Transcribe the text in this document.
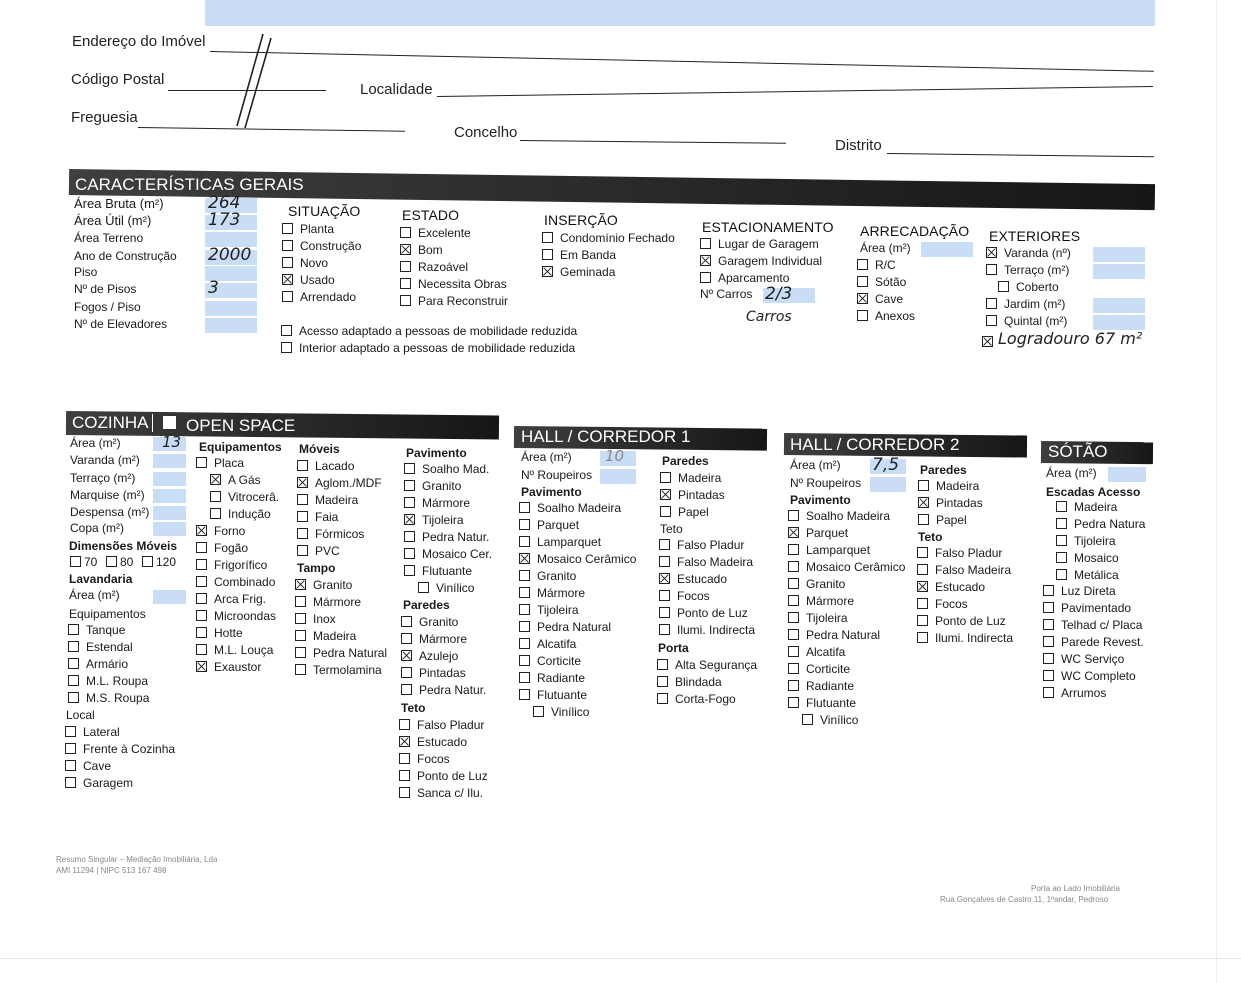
Endereço do Imóvel
Código Postal
Localidade
Freguesia
Concelho
Distrito
CARACTERÍSTICAS GERAIS
Área Bruta (m²)	264
Área Útil (m²)	173
Área Terreno
Ano de Construção 2000
Piso
Nº de Pisos	3
Fogos / Piso
Nº de Elevadores
SITUAÇÃO
Planta
Construção
Novo
Usado
Arrendado
ESTADO
Excelente
Bom
Razoável
Necessita Obras
Para Reconstruir
INSERÇÃO
Condomínio Fechado
Em Banda
Geminada
ESTACIONAMENTO
Lugar de Garagem
Garagem Individual
Aparcamento
Nº Carros 2/3
Carros
ARRECADAÇÃO
Área (m²)
R/C
Sótão
Cave
Anexos
EXTERIORES
Varanda (nº)
Terraço (m²)
Coberto
Jardim (m²)
Quintal (m²)
Logradouro 67 m²
Acesso adaptado a pessoas de mobilidade reduzida
Interior adaptado a pessoas de mobilidade reduzida
COZINHA OPEN SPACE
HALL / CORREDOR 1	HALL / CORREDOR 2	SÓTÃO
Área (m²)	13
Varanda (m²)
Terraço (m²)
Marquise (m²)
Despensa (m²)
Copa (m²)
Dimensões Móveis
70 80 120
Lavandaria
Área (m²)
Equipamentos
Tanque
Estendal
Armário
M.L. Roupa
M.S. Roupa
Local
Lateral
Frente à Cozinha
Cave
Garagem
Equipamentos
Placa
A Gás
Vitrocerâ.
Indução
Forno
Fogão
Frigorífico
Combinado
Arca Frig.
Microondas
Hotte
M.L. Louça
Exaustor
Móveis
Lacado
Aglom./MDF
Madeira
Faia
Fórmicos
PVC
Tampo
Granito
Mármore
Inox
Madeira
Pedra Natural
Termolamina
Pavimento
Soalho Mad.
Granito
Mármore
Tijoleira
Pedra Natur.
Mosaico Cer.
Flutuante
Vinílico
Paredes
Granito
Mármore
Azulejo
Pintadas
Pedra Natur.
Teto
Falso Pladur
Estucado
Focos
Ponto de Luz
Sanca c/ Ilu.
Área (m²) 10
Nº Roupeiros
Pavimento
Soalho Madeira
Parquet
Lamparquet
Mosaico Cerâmico
Granito
Mármore
Tijoleira
Pedra Natural
Alcatifa
Corticite
Radiante
Flutuante
Vinílico
Paredes
Madeira
Pintadas
Papel
Teto
Falso Pladur
Falso Madeira
Estucado
Focos
Ponto de Luz
Ilumi. Indirecta
Porta
Alta Segurança
Blindada
Corta-Fogo
Área (m²) 7,5
Nº Roupeiros
Pavimento
Soalho Madeira
Parquet
Lamparquet
Mosaico Cerâmico
Granito
Mármore
Tijoleira
Pedra Natural
Alcatifa
Corticite
Radiante
Flutuante
Vinílico
Paredes
Madeira
Pintadas
Papel
Teto
Falso Pladur
Falso Madeira
Estucado
Focos
Ponto de Luz
Ilumi. Indirecta
Área (m²)
Escadas Acesso
Madeira
Pedra Natura
Tijoleira
Mosaico
Metálica
Luz Direta
Pavimentado
Telhad c/ Placa
Parede Revest.
WC Serviço
WC Completo
Arrumos
Resumo Singular – Mediação Imobiliária, Lda
AMI 11294 | NIPC 513 167 498
Porta ao Lado Imobiliária
Rua Gonçalves de Castro 11, 1ºandar, Pedroso
